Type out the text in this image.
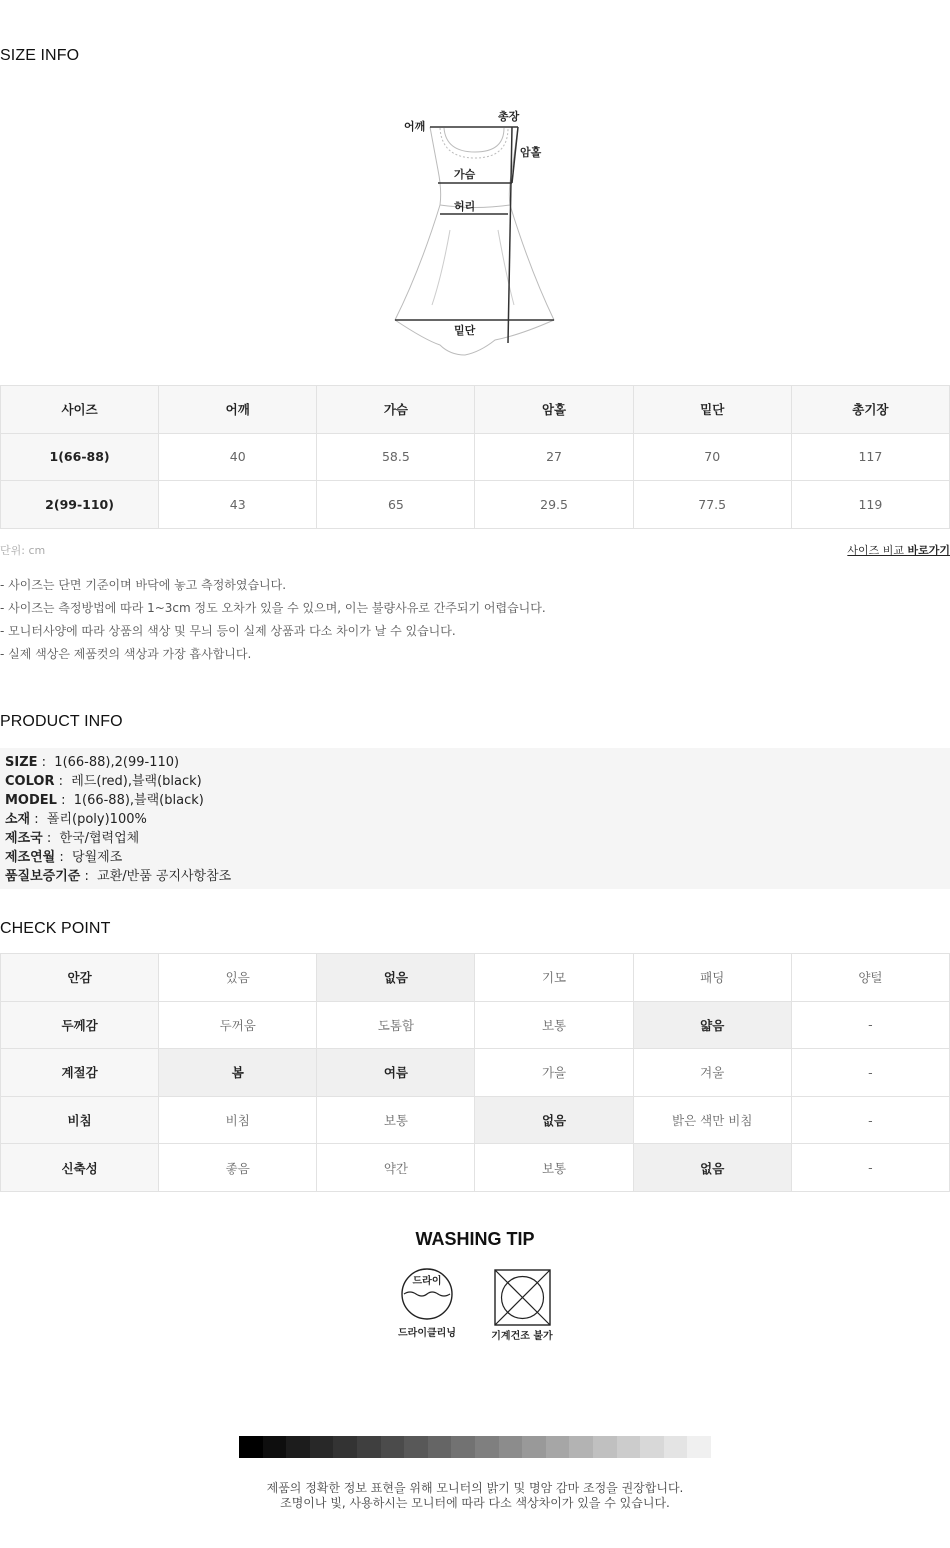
SIZE INFO
어깨
총장
암홀
가슴
허리
밑단
사이즈	어깨	가슴	암홀	밑단	총기장
1(66-88)	40	58.5	27	70	117
2(99-110)	43	65	29.5	77.5	119
단위: cm	사이즈 비교 바로가기
- 사이즈는 단면 기준이며 바닥에 놓고 측정하였습니다.
- 사이즈는 측정방법에 따라 1~3cm 정도 오차가 있을 수 있으며, 이는 불량사유로 간주되기 어렵습니다.
- 모니터사양에 따라 상품의 색상 및 무늬 등이 실제 상품과 다소 차이가 날 수 있습니다.
- 실제 색상은 제품컷의 색상과 가장 흡사합니다.
PRODUCT INFO
SIZE :  1(66-88),2(99-110)
COLOR :  레드(red),블랙(black)
MODEL :  1(66-88),블랙(black)
소재 :  폴리(poly)100%
제조국 :  한국/협력업체
제조연월 :  당월제조
품질보증기준 :  교환/반품 공지사항참조
CHECK POINT
안감	있음	없음	기모	패딩	양털
두께감	두꺼움	도톰함	보통	얇음	-
계절감	봄	여름	가을	겨울	-
비침	비침	보통	없음	밝은 색만 비침	-
신축성	좋음	약간	보통	없음	-
WASHING TIP
드라이
드라이클리닝	기계건조 불가
제품의 정확한 정보 표현을 위해 모니터의 밝기 및 명암 감마 조정을 권장합니다.
조명이나 빛, 사용하시는 모니터에 따라 다소 색상차이가 있을 수 있습니다.
